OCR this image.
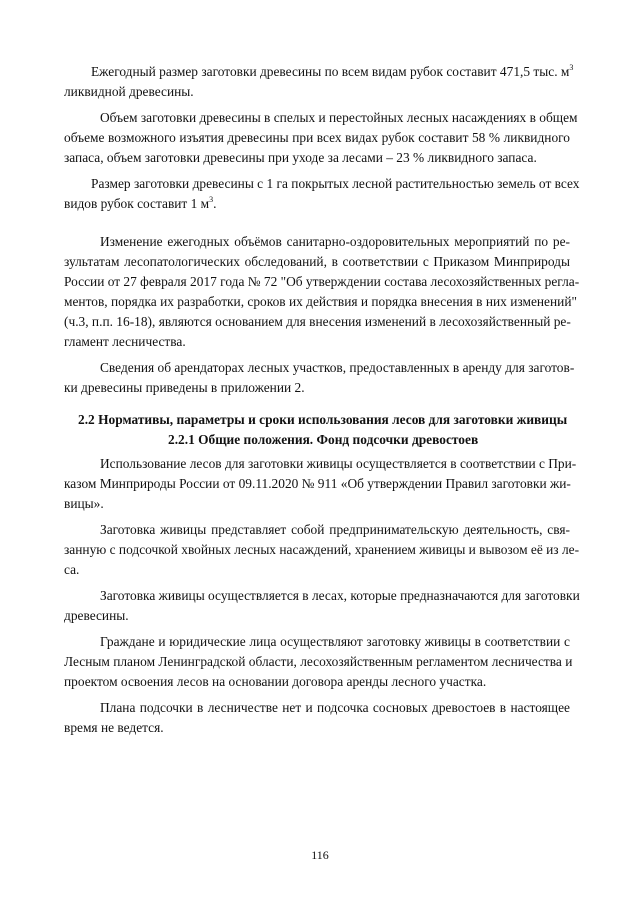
Ежегодный размер заготовки древесины по всем видам рубок составит 471,5 тыс. $м^3$
ликвидной древесины.
Объем заготовки древесины в спелых и перестойных лесных насаждениях в общем
объеме возможного изъятия древесины при всех видах рубок составит 58 % ликвидного
запаса, объем заготовки древесины при уходе за лесами – 23 % ликвидного запаса.
Размер заготовки древесины с 1 га покрытых лесной растительностью земель от всех
видов рубок составит 1 $м^3$.
Изменение ежегодных объёмов санитарно-оздоровительных мероприятий по ре-
зультатам лесопатологических обследований, в соответствии с Приказом Минприроды
России от 27 февраля 2017 года № 72 "Об утверждении состава лесохозяйственных регла-
ментов, порядка их разработки, сроков их действия и порядка внесения в них изменений"
(ч.3, п.п. 16-18), являются основанием для внесения изменений в лесохозяйственный ре-
гламент лесничества.
Сведения об арендаторах лесных участков, предоставленных в аренду для заготов-
ки древесины приведены в приложении 2.
2.2 Нормативы, параметры и сроки использования лесов для заготовки живицы
2.2.1 Общие положения. Фонд подсочки древостоев
Использование лесов для заготовки живицы осуществляется в соответствии с При-
казом Минприроды России от 09.11.2020 № 911 «Об утверждении Правил заготовки жи-
вицы».
Заготовка живицы представляет собой предпринимательскую деятельность, свя-
занную с подсочкой хвойных лесных насаждений, хранением живицы и вывозом её из ле-
са.
Заготовка живицы осуществляется в лесах, которые предназначаются для заготовки
древесины.
Граждане и юридические лица осуществляют заготовку живицы в соответствии с
Лесным планом Ленинградской области, лесохозяйственным регламентом лесничества и
проектом освоения лесов на основании договора аренды лесного участка.
Плана подсочки в лесничестве нет и подсочка сосновых древостоев в настоящее
время не ведется.
116
